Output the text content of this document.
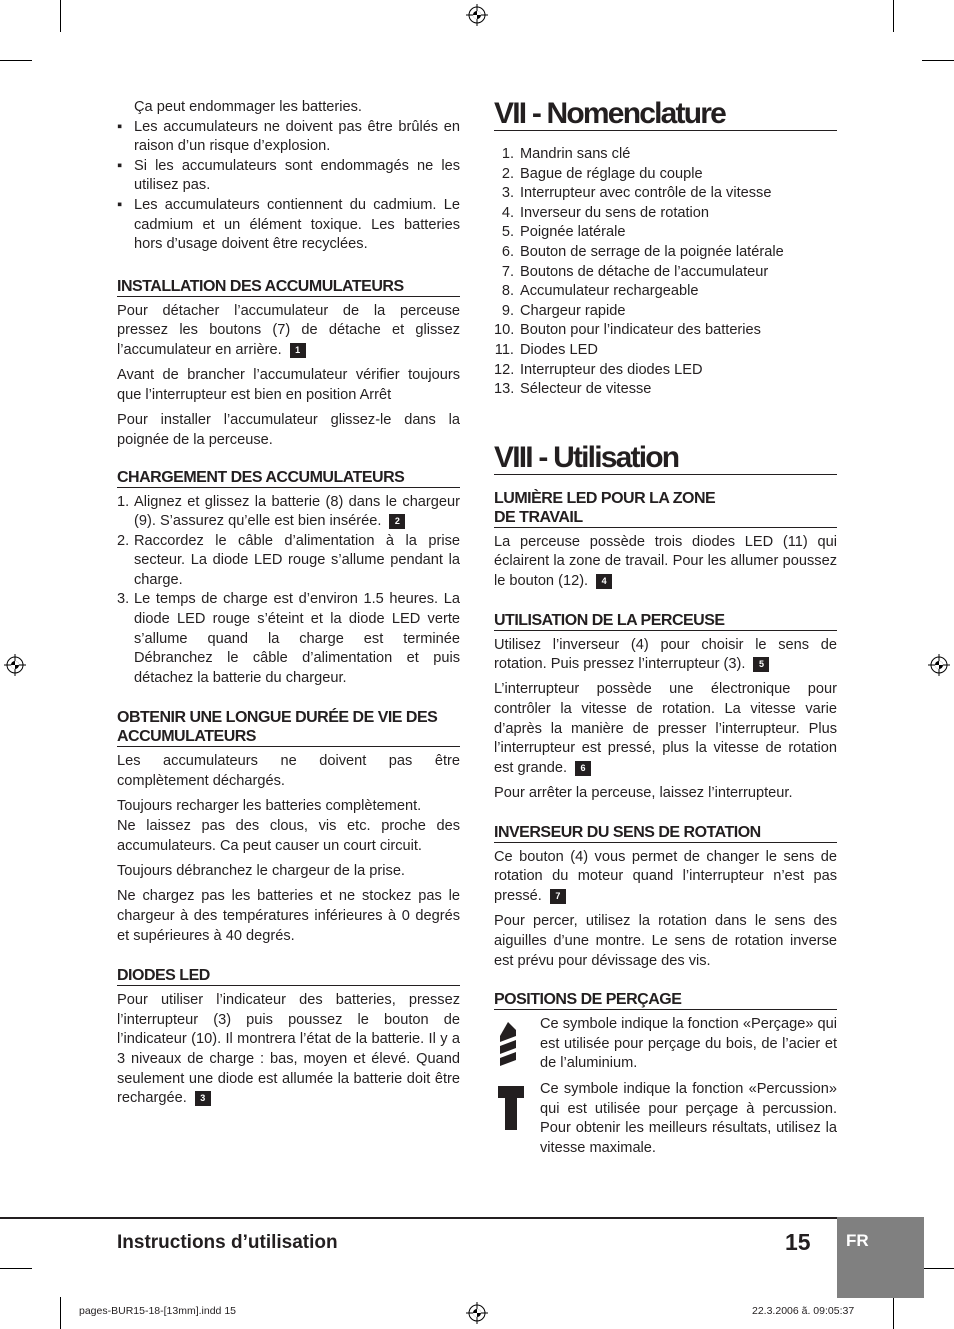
Ça peut endommager les batteries.
▪ Les accumulateurs ne doivent pas être brûlés en raison d’un risque d’explosion.
▪ Si les accumulateurs sont endommagés ne les utilisez pas.
▪ Les accumulateurs contiennent du cadmium. Le cadmium et un élément toxique. Les batteries hors d’usage doivent être recyclées.
INSTALLATION DES ACCUMULATEURS

Pour détacher l’accumulateur de la perceuse pressez les boutons (7) de détache et glissez l’accumulateur en arrière. 1

Avant de brancher l’accumulateur vérifier toujours que l’interrupteur est bien en position Arrêt

Pour installer l’accumulateur glissez-le dans la poignée de la perceuse.

CHARGEMENT DES ACCUMULATEURS
1. Alignez et glissez la batterie (8) dans le chargeur (9). S’assurez qu’elle est bien insérée. 2
2. Raccordez le câble d’alimentation à la prise secteur. La diode LED rouge s’allume pendant la charge.
3. Le temps de charge est d’environ 1.5 heures. La diode LED rouge s’éteint et la diode LED verte s’allume quand la charge est terminée Débranchez le câble d’alimentation et puis détachez la batterie du chargeur.
OBTENIR UNE LONGUE DURÉE DE VIE DES ACCUMULATEURS

Les accumulateurs ne doivent pas être complètement déchargés.

Toujours recharger les batteries complètement.
Ne laissez pas des clous, vis etc. proche des accumulateurs. Ca peut causer un court circuit.

Toujours débranchez le chargeur de la prise.

Ne chargez pas les batteries et ne stockez pas le chargeur à des températures inférieures à 0 degrés et supérieures à 40 degrés.

DIODES LED

Pour utiliser l’indicateur des batteries, pressez l’interrupteur (3) puis poussez le bouton de l’indicateur (10). Il montrera l’état de la batterie. Il y a 3 niveaux de charge : bas, moyen et élevé. Quand seulement une diode est allumée la batterie doit être rechargée. 3

VII - Nomenclature
1. Mandrin sans clé
2. Bague de réglage du couple
3. Interrupteur avec contrôle de la vitesse
4. Inverseur du sens de rotation
5. Poignée latérale
6. Bouton de serrage de la poignée latérale
7. Boutons de détache de l’accumulateur
8. Accumulateur rechargeable
9. Chargeur rapide
10. Bouton pour l’indicateur des batteries
11. Diodes LED
12. Interrupteur des diodes LED
13. Sélecteur de vitesse
VIII - Utilisation
LUMIÈRE LED POUR LA ZONE
DE TRAVAIL

La perceuse possède trois diodes LED (11) qui éclairent la zone de travail. Pour les allumer poussez le bouton (12). 4

UTILISATION DE LA PERCEUSE

Utilisez l’inverseur (4) pour choisir le sens de rotation. Puis pressez l’interrupteur (3). 5

L’interrupteur possède une électronique pour contrôler la vitesse de rotation. La vitesse varie d’après la manière de presser l’interrupteur. Plus l’interrupteur est pressé, plus la vitesse de rotation est grande. 6

Pour arrêter la perceuse, laissez l’interrupteur.

INVERSEUR DU SENS DE ROTATION

Ce bouton (4) vous permet de changer le sens de rotation du moteur quand l’interrupteur n’est pas pressé. 7

Pour percer, utilisez la rotation dans le sens des aiguilles d’une montre. Le sens de rotation inverse est prévu pour dévissage des vis.

POSITIONS DE PERÇAGE

Ce symbole indique la fonction «Perçage» qui est utilisée pour perçage du bois, de l’acier et de l’aluminium.

Ce symbole indique la fonction «Percussion» qui est utilisée pour perçage à percussion. Pour obtenir les meilleurs résultats, utilisez la vitesse maximale.

Instructions d’utilisation	15	FR
pages-BUR15-18-[13mm].indd 15	22.3.2006 ã. 09:05:37
